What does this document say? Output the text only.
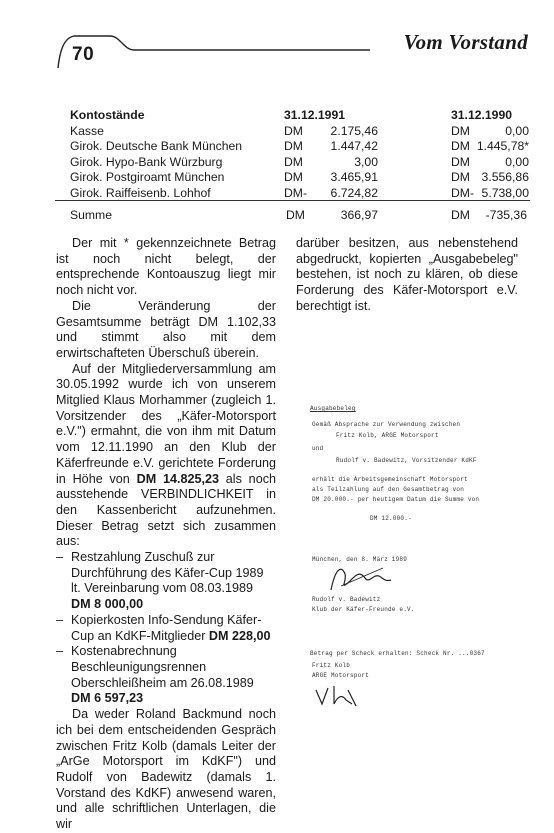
70
Vom Vorstand
Kontostände	31.12.1991	31.12.1990
Kasse	DM	2.175,46	DM	0,00
Girok. Deutsche Bank München	DM	1.447,42	DM 1.445,78*
Girok. Hypo-Bank Würzburg	DM	3,00	DM	0,00
Girok. Postgiroamt München	DM	3.465,91	DM 3.556,86
Girok. Raiffeisenb. Lohhof	DM-	6.724,82	DM- 5.738,00
Summe	DM	366,97	DM	-735,36

Der mit * gekennzeichnete Betrag ist noch nicht belegt, der entsprechende Kontoauszug liegt mir noch nicht vor.

Die Veränderung der Gesamtsumme beträgt DM 1.102,33 und stimmt also mit dem erwirtschafteten Überschuß überein.

Auf der Mitgliederversammlung am 30.05.1992 wurde ich von unserem Mitglied Klaus Morhammer (zugleich 1. Vorsitzender des „Käfer-Motorsport e.V.") ermahnt, die von ihm mit Datum vom 12.11.1990 an den Klub der Käferfreunde e.V. gerichtete Forderung in Höhe von DM 14.825,23 als noch ausstehende VERBINDLICHKEIT in den Kassenbericht aufzunehmen. Dieser Betrag setzt sich zusammen aus:

– Restzahlung Zuschuß zur Durchführung des Käfer-Cup 1989 lt. Vereinbarung vom 08.03.1989
DM 8 000,00
– Kopierkosten Info-Sendung Käfer-Cup an KdKF-Mitglieder DM 228,00
– Kostenabrechnung Beschleunigungsrennen Oberschleißheim am 26.08.1989 DM 6 597,23

Da weder Roland Backmund noch ich bei dem entscheidenden Gespräch zwischen Fritz Kolb (damals Leiter der „ArGe Motorsport im KdKF") und Rudolf von Badewitz (damals 1. Vorstand des KdKF) anwesend waren, und alle schriftlichen Unterlagen, die wir

darüber besitzen, aus nebenstehend abgedruckt, kopierten „Ausgabebeleg" bestehen, ist noch zu klären, ob diese Forderung des Käfer-Motorsport e.V. berechtigt ist.

Ausgabebeleg
Gemäß Absprache zur Verwendung zwischen
Fritz Kolb, ARGE Motorsport
und
Rudolf v. Badewitz, Vorsitzender KdKF
erhält die Arbeitsgemeinschaft Motorsport
als Teilzahlung auf den Gesamtbetrag von
DM 20.000.- per heutigem Datum die Summe von
DM 12.000.-
München, den 8. März 1989
Rudolf v. Badewitz
Klub der Käfer-Freunde e.V.
Betrag per Scheck erhalten: Scheck Nr. ...0367
Fritz Kolb
ARGE Motorsport
